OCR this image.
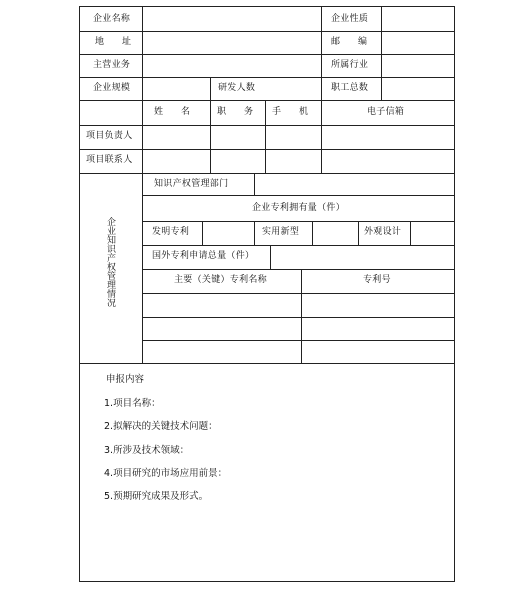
企业名称	企业性质
地　　址	邮　　编
主营业务	所属行业
企业规模	研发人数	职工总数
姓　　名	职　　务 手　　机	电子信箱
项目负责人
项目联系人
企业知识产权管理情况
知识产权管理部门
企业专利拥有量（件）
发明专利	实用新型	外观设计
国外专利申请总量（件）
主要（关键）专利名称	专利号
申报内容
1.项目名称：
2.拟解决的关键技术问题：
3.所涉及技术领域：
4.项目研究的市场应用前景：
5.预期研究成果及形式。
